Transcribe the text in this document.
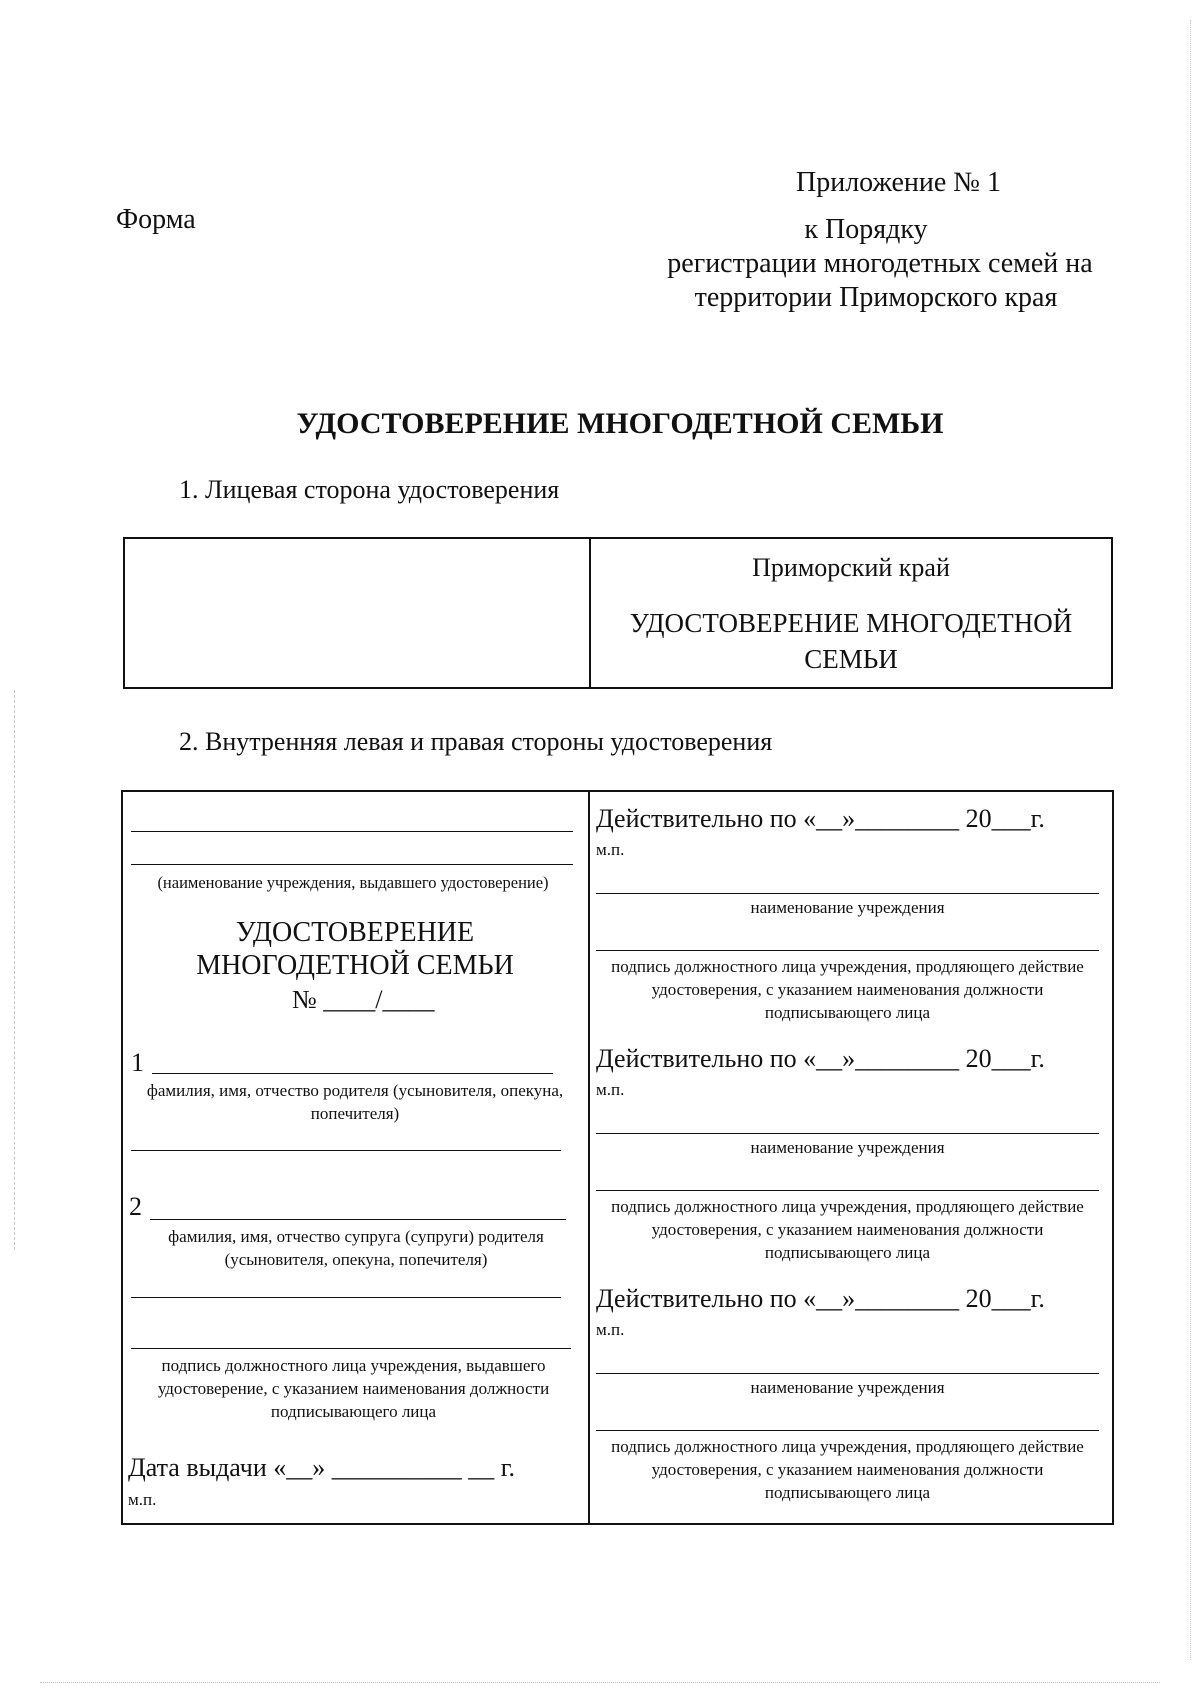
Форма
Приложение № 1
к Порядку
регистрации многодетных семей на
территории Приморского края
УДОСТОВЕРЕНИЕ МНОГОДЕТНОЙ СЕМЬИ
1. Лицевая сторона удостоверения

Приморский край
УДОСТОВЕРЕНИЕ МНОГОДЕТНОЙ
СЕМЬИ
2. Внутренняя левая и правая стороны удостоверения
(наименование учреждения, выдавшего удостоверение)
УДОСТОВЕРЕНИЕ
МНОГОДЕТНОЙ СЕМЬИ
№ ____/____
1
фамилия, имя, отчество родителя (усыновителя, опекуна, попечителя)
2
фамилия, имя, отчество супруга (супруги) родителя (усыновителя, опекуна, попечителя)
подпись должностного лица учреждения, выдавшего удостоверение, с указанием наименования должности подписывающего лица
Дата выдачи «__» __________ __ г.
м.п.
Действительно по «__»________ 20___г.
м.п.
наименование учреждения
подпись должностного лица учреждения, продляющего действие удостоверения, с указанием наименования должности подписывающего лица
Действительно по «__»________ 20___г.
м.п.
наименование учреждения
подпись должностного лица учреждения, продляющего действие удостоверения, с указанием наименования должности подписывающего лица
Действительно по «__»________ 20___г.
м.п.
наименование учреждения
подпись должностного лица учреждения, продляющего действие удостоверения, с указанием наименования должности подписывающего лица
